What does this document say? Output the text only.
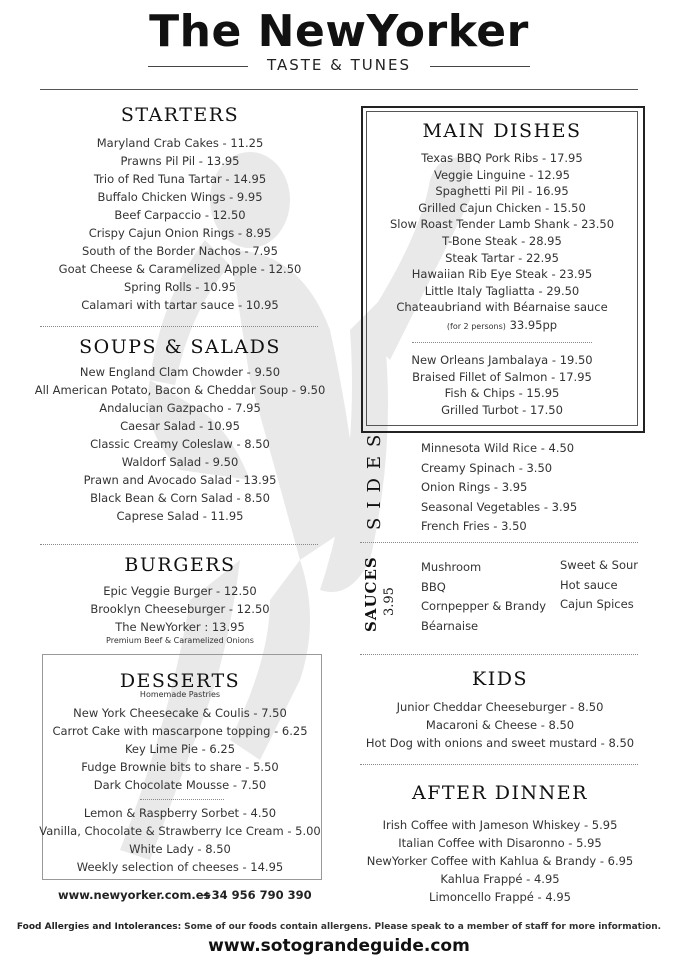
The NewYorker
TASTE & TUNES
STARTERS
Maryland Crab Cakes - 11.25
Prawns Pil Pil - 13.95
Trio of Red Tuna Tartar - 14.95
Buffalo Chicken Wings - 9.95
Beef Carpaccio - 12.50
Crispy Cajun Onion Rings - 8.95
South of the Border Nachos - 7.95
Goat Cheese & Caramelized Apple - 12.50
Spring Rolls - 10.95
Calamari with tartar sauce - 10.95
SOUPS & SALADS
New England Clam Chowder - 9.50
All American Potato, Bacon & Cheddar Soup - 9.50
Andalucian Gazpacho - 7.95
Caesar Salad - 10.95
Classic Creamy Coleslaw - 8.50
Waldorf Salad - 9.50
Prawn and Avocado Salad - 13.95
Black Bean & Corn Salad - 8.50
Caprese Salad - 11.95
BURGERS
Epic Veggie Burger - 12.50
Brooklyn Cheeseburger - 12.50
The NewYorker : 13.95
Premium Beef & Caramelized Onions
DESSERTS
Homemade Pastries
New York Cheesecake & Coulis - 7.50
Carrot Cake with mascarpone topping - 6.25
Key Lime Pie - 6.25
Fudge Brownie bits to share - 5.50
Dark Chocolate Mousse - 7.50
Lemon & Raspberry Sorbet - 4.50
Vanilla, Chocolate & Strawberry Ice Cream - 5.00
White Lady - 8.50
Weekly selection of cheeses - 14.95
www.newyorker.com.es
+34 956 790 390
MAIN DISHES
Texas BBQ Pork Ribs - 17.95
Veggie Linguine - 12.95
Spaghetti Pil Pil - 16.95
Grilled Cajun Chicken - 15.50
Slow Roast Tender Lamb Shank - 23.50
T-Bone Steak - 28.95
Steak Tartar - 22.95
Hawaiian Rib Eye Steak - 23.95
Little Italy Tagliatta - 29.50
Chateaubriand with Béarnaise sauce
(for 2 persons) 33.95pp
New Orleans Jambalaya - 19.50
Braised Fillet of Salmon - 17.95
Fish & Chips - 15.95
Grilled Turbot - 17.50
SIDES	Minnesota Wild Rice - 4.50
Creamy Spinach - 3.50
Onion Rings - 3.95
Seasonal Vegetables - 3.95
French Fries - 3.50
SAUCES 3.95
Mushroom
BBQ
Cornpepper & Brandy
Béarnaise
Sweet & Sour
Hot sauce
Cajun Spices
KIDS
Junior Cheddar Cheeseburger - 8.50
Macaroni & Cheese - 8.50
Hot Dog with onions and sweet mustard - 8.50
AFTER DINNER
Irish Coffee with Jameson Whiskey - 5.95
Italian Coffee with Disaronno - 5.95
NewYorker Coffee with Kahlua & Brandy - 6.95
Kahlua Frappé - 4.95
Limoncello Frappé - 4.95
Food Allergies and Intolerances: Some of our foods contain allergens. Please speak to a member of staff for more information.
www.sotograndeguide.com
